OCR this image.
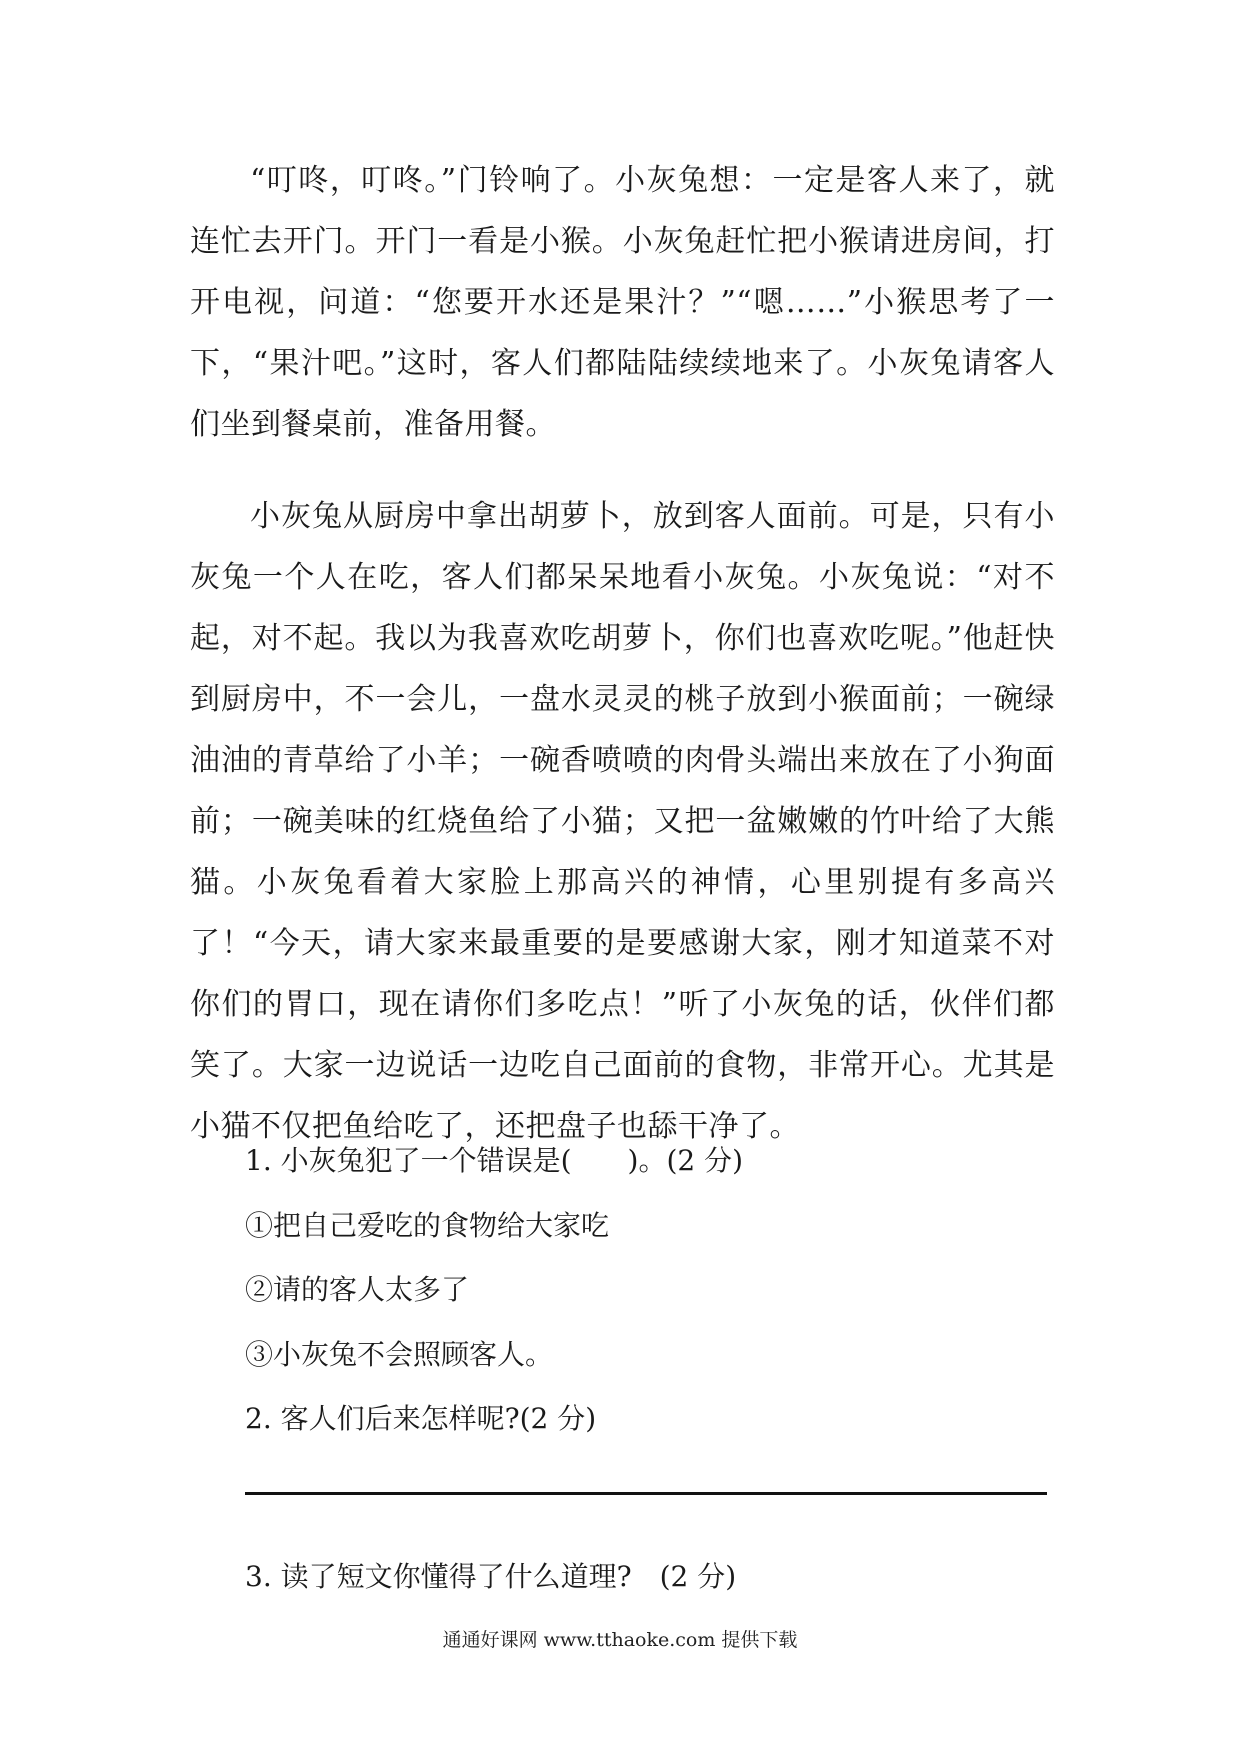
“叮咚，叮咚。”门铃响了。小灰兔想：一定是客人来了，就连忙去开门。开门一看是小猴。小灰兔赶忙把小猴请进房间，打开电视，问道：“您要开水还是果汁？”“嗯……”小猴思考了一下，“果汁吧。”这时，客人们都陆陆续续地来了。小灰兔请客人们坐到餐桌前，准备用餐。

小灰兔从厨房中拿出胡萝卜，放到客人面前。可是，只有小灰兔一个人在吃，客人们都呆呆地看小灰兔。小灰兔说：“对不起，对不起。我以为我喜欢吃胡萝卜，你们也喜欢吃呢。”他赶快到厨房中，不一会儿，一盘水灵灵的桃子放到小猴面前；一碗绿油油的青草给了小羊；一碗香喷喷的肉骨头端出来放在了小狗面前；一碗美味的红烧鱼给了小猫；又把一盆嫩嫩的竹叶给了大熊猫。小灰兔看着大家脸上那高兴的神情，心里别提有多高兴了！“今天，请大家来最重要的是要感谢大家，刚才知道菜不对你们的胃口，现在请你们多吃点！”听了小灰兔的话，伙伴们都笑了。大家一边说话一边吃自己面前的食物，非常开心。尤其是小猫不仅把鱼给吃了，还把盘子也舔干净了。

1. 小灰兔犯了一个错误是(　　)。(2 分)

①把自己爱吃的食物给大家吃

②请的客人太多了

③小灰兔不会照顾客人。

2. 客人们后来怎样呢?(2 分)

3. 读了短文你懂得了什么道理?　(2 分)

通通好课网 www.tthaoke.com 提供下载
